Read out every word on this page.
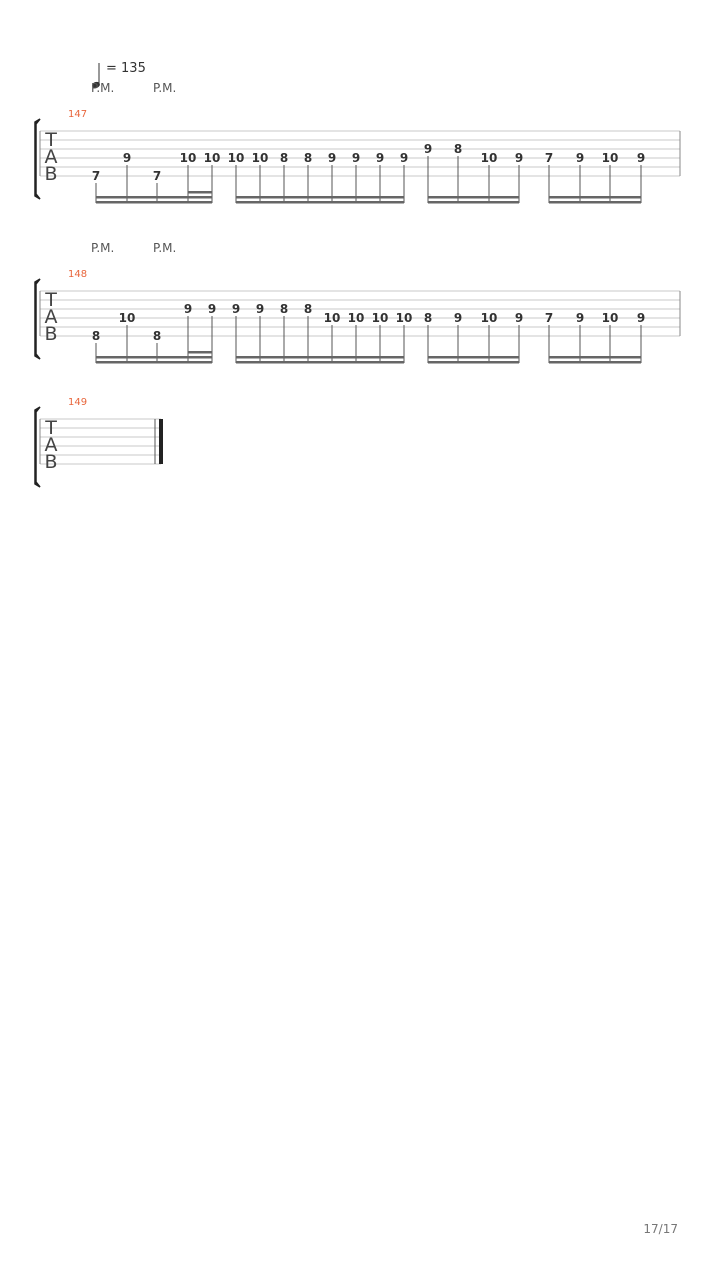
= 135
P.M.	P.M.
147
T
A
B	7
9
7
10 10 10 10 8 8 9 9 9 9
9 8
10 9 7 9 10 9
P.M.	P.M.
148
T
A
B	8
10
8
9 9 9 9 8 8
10 10 10 10 8 9 10 9 7 9 10 9
149
T
A
B
17/17
